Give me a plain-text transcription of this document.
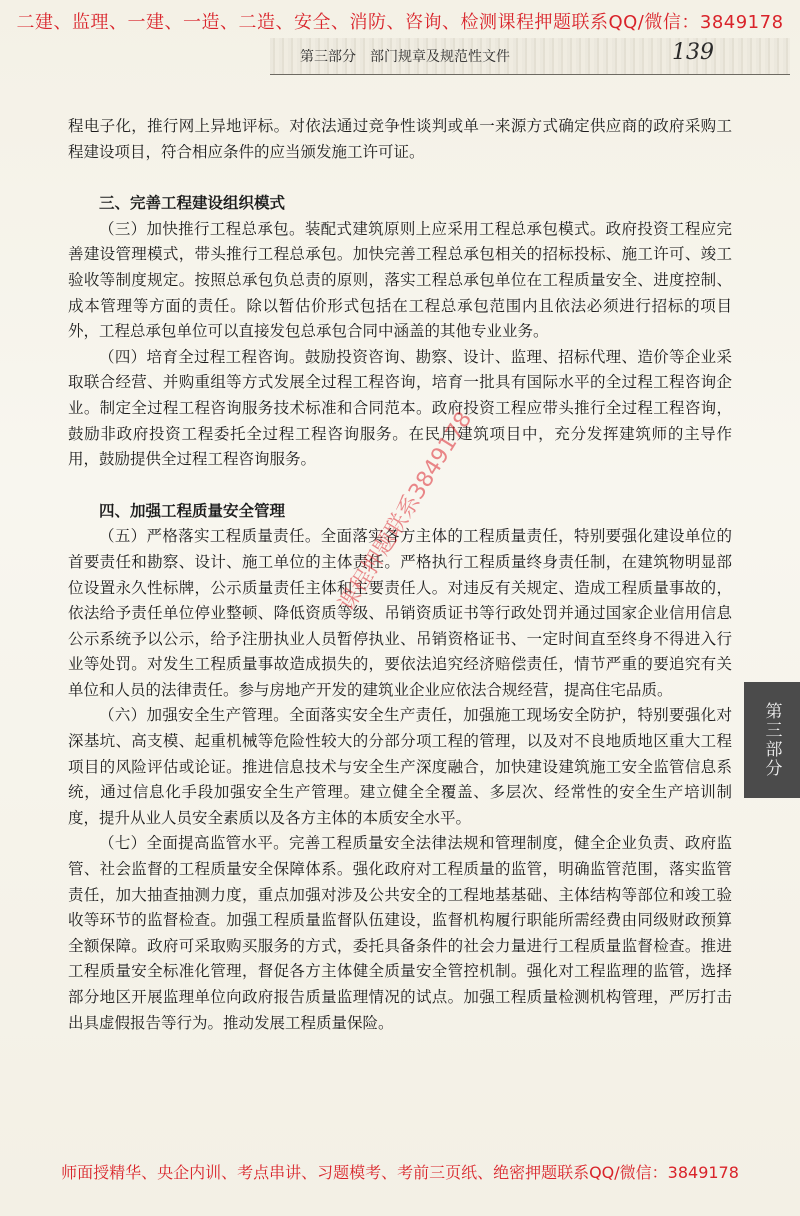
二建、监理、一建、一造、二造、安全、消防、咨询、检测课程押题联系QQ/微信：3849178
第三部分　部门规章及规范性文件	139

程电子化，推行网上异地评标。对依法通过竞争性谈判或单一来源方式确定供应商的政府采购工程建设项目，符合相应条件的应当颁发施工许可证。

三、完善工程建设组织模式

（三）加快推行工程总承包。装配式建筑原则上应采用工程总承包模式。政府投资工程应完善建设管理模式，带头推行工程总承包。加快完善工程总承包相关的招标投标、施工许可、竣工验收等制度规定。按照总承包负总责的原则，落实工程总承包单位在工程质量安全、进度控制、成本管理等方面的责任。除以暂估价形式包括在工程总承包范围内且依法必须进行招标的项目外，工程总承包单位可以直接发包总承包合同中涵盖的其他专业业务。

（四）培育全过程工程咨询。鼓励投资咨询、勘察、设计、监理、招标代理、造价等企业采取联合经营、并购重组等方式发展全过程工程咨询，培育一批具有国际水平的全过程工程咨询企业。制定全过程工程咨询服务技术标准和合同范本。政府投资工程应带头推行全过程工程咨询，鼓励非政府投资工程委托全过程工程咨询服务。在民用建筑项目中，充分发挥建筑师的主导作用，鼓励提供全过程工程咨询服务。

四、加强工程质量安全管理

（五）严格落实工程质量责任。全面落实各方主体的工程质量责任，特别要强化建设单位的首要责任和勘察、设计、施工单位的主体责任。严格执行工程质量终身责任制，在建筑物明显部位设置永久性标牌，公示质量责任主体和主要责任人。对违反有关规定、造成工程质量事故的，依法给予责任单位停业整顿、降低资质等级、吊销资质证书等行政处罚并通过国家企业信用信息公示系统予以公示，给予注册执业人员暂停执业、吊销资格证书、一定时间直至终身不得进入行业等处罚。对发生工程质量事故造成损失的，要依法追究经济赔偿责任，情节严重的要追究有关单位和人员的法律责任。参与房地产开发的建筑业企业应依法合规经营，提高住宅品质。

（六）加强安全生产管理。全面落实安全生产责任，加强施工现场安全防护，特别要强化对深基坑、高支模、起重机械等危险性较大的分部分项工程的管理，以及对不良地质地区重大工程项目的风险评估或论证。推进信息技术与安全生产深度融合，加快建设建筑施工安全监管信息系统，通过信息化手段加强安全生产管理。建立健全全覆盖、多层次、经常性的安全生产培训制度，提升从业人员安全素质以及各方主体的本质安全水平。

（七）全面提高监管水平。完善工程质量安全法律法规和管理制度，健全企业负责、政府监管、社会监督的工程质量安全保障体系。强化政府对工程质量的监管，明确监管范围，落实监管责任，加大抽查抽测力度，重点加强对涉及公共安全的工程地基基础、主体结构等部位和竣工验收等环节的监督检查。加强工程质量监督队伍建设，监督机构履行职能所需经费由同级财政预算全额保障。政府可采取购买服务的方式，委托具备条件的社会力量进行工程质量监督检查。推进工程质量安全标准化管理，督促各方主体健全质量安全管控机制。强化对工程监理的监管，选择部分地区开展监理单位向政府报告质量监理情况的试点。加强工程质量检测机构管理，严厉打击出具虚假报告等行为。推动发展工程质量保险。

课程押题联系3849178
第三部分
师面授精华、央企内训、考点串讲、习题模考、考前三页纸、绝密押题联系QQ/微信：3849178
